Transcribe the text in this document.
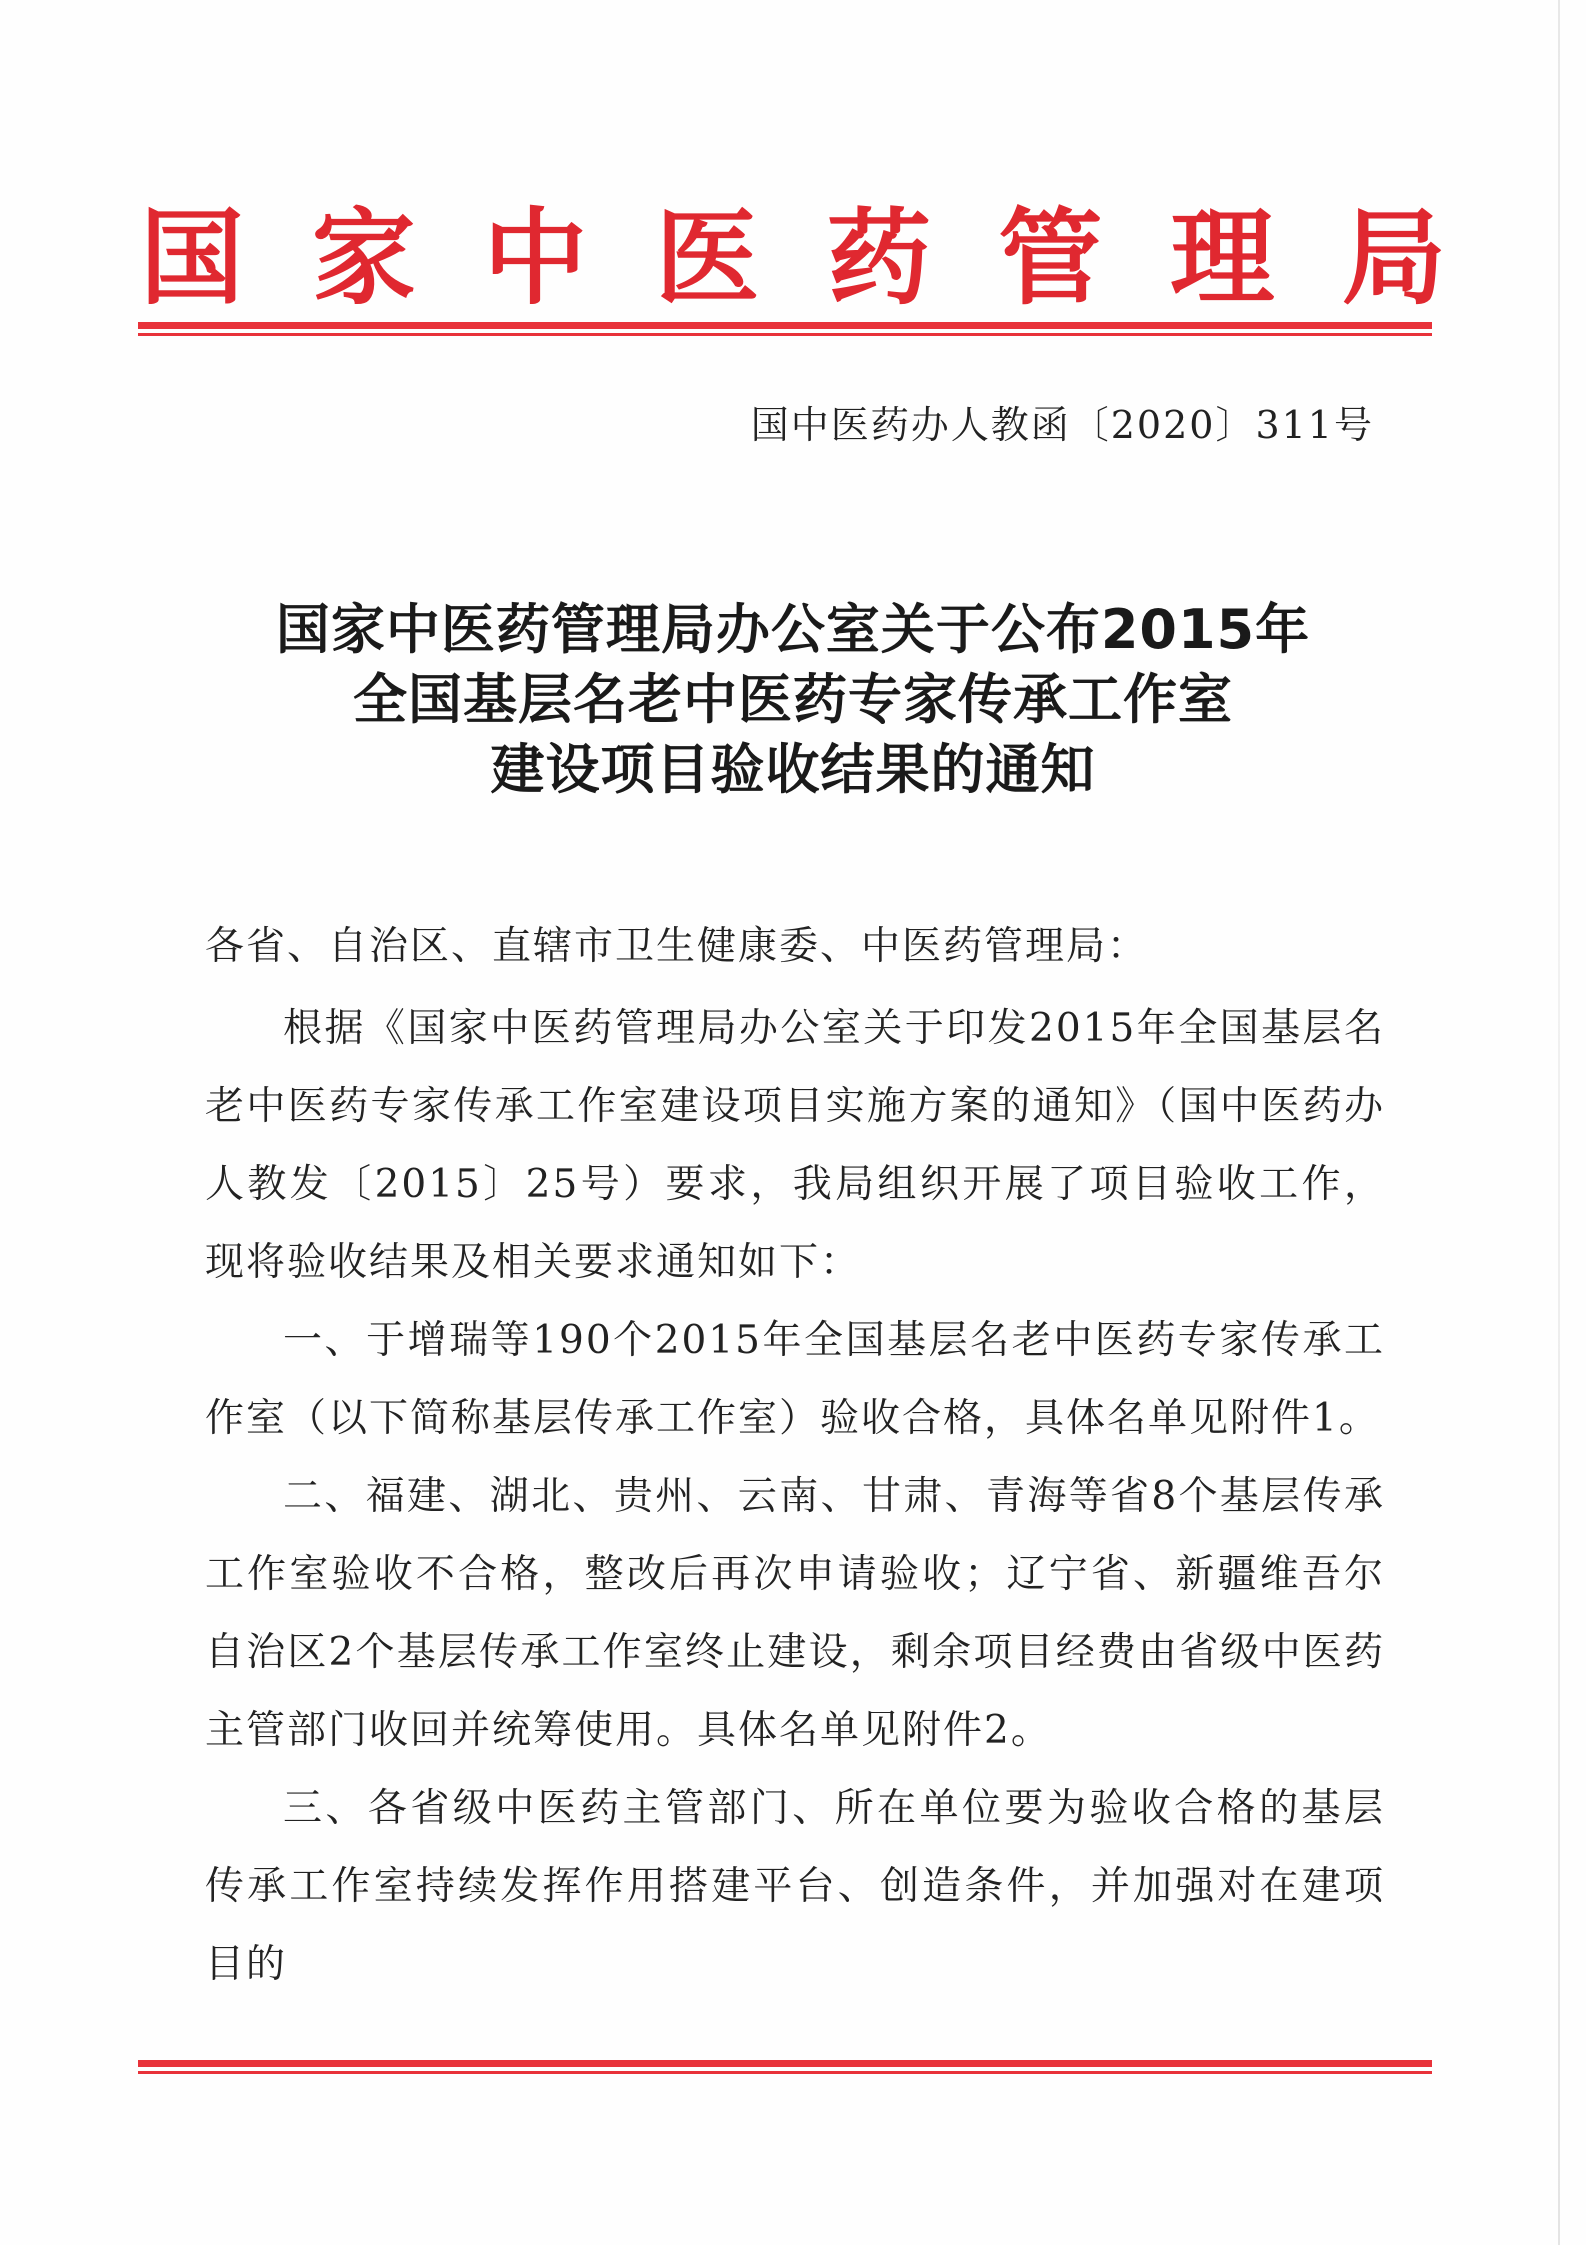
国 家 中 医 药 管 理 局
国中医药办人教函〔2020〕311号
国家中医药管理局办公室关于公布2015年
全国基层名老中医药专家传承工作室
建设项目验收结果的通知

各省、自治区、直辖市卫生健康委、中医药管理局：

根据《国家中医药管理局办公室关于印发2015年全国基层名老中医药专家传承工作室建设项目实施方案的通知》（国中医药办人教发〔2015〕25号）要求，我局组织开展了项目验收工作，现将验收结果及相关要求通知如下：

一、于增瑞等190个2015年全国基层名老中医药专家传承工作室（以下简称基层传承工作室）验收合格，具体名单见附件1。

二、福建、湖北、贵州、云南、甘肃、青海等省8个基层传承工作室验收不合格，整改后再次申请验收；辽宁省、新疆维吾尔自治区2个基层传承工作室终止建设，剩余项目经费由省级中医药主管部门收回并统筹使用。具体名单见附件2。

三、各省级中医药主管部门、所在单位要为验收合格的基层传承工作室持续发挥作用搭建平台、创造条件，并加强对在建项目的
